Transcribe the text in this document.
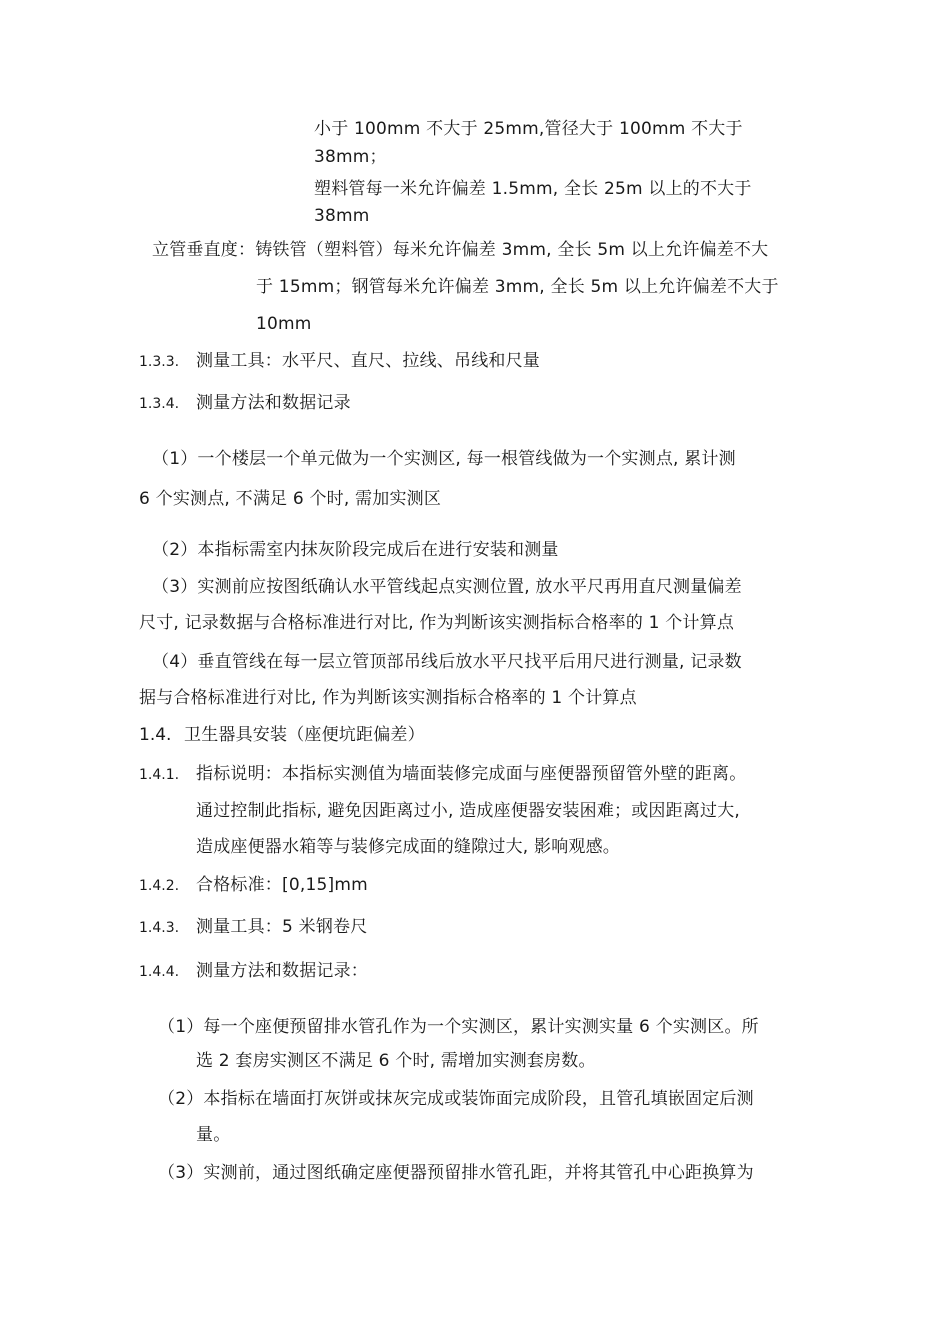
小于 100mm 不大于 25mm,管径大于 100mm 不大于
38mm；
塑料管每一米允许偏差 1.5mm, 全长 25m 以上的不大于
38mm
立管垂直度：铸铁管（塑料管）每米允许偏差 3mm, 全长 5m 以上允许偏差不大
于 15mm；钢管每米允许偏差 3mm, 全长 5m 以上允许偏差不大于
10mm
1.3.3. 测量工具：水平尺、直尺、拉线、吊线和尺量
1.3.4. 测量方法和数据记录
（1）一个楼层一个单元做为一个实测区, 每一根管线做为一个实测点, 累计测
6 个实测点, 不满足 6 个时, 需加实测区
（2）本指标需室内抹灰阶段完成后在进行安装和测量
（3）实测前应按图纸确认水平管线起点实测位置, 放水平尺再用直尺测量偏差
尺寸, 记录数据与合格标准进行对比, 作为判断该实测指标合格率的 1 个计算点
（4）垂直管线在每一层立管顶部吊线后放水平尺找平后用尺进行测量, 记录数
据与合格标准进行对比, 作为判断该实测指标合格率的 1 个计算点
1.4. 卫生器具安装（座便坑距偏差）
1.4.1. 指标说明：本指标实测值为墙面装修完成面与座便器预留管外壁的距离。
通过控制此指标, 避免因距离过小, 造成座便器安装困难；或因距离过大,
造成座便器水箱等与装修完成面的缝隙过大, 影响观感。
1.4.2. 合格标准：[0,15]mm
1.4.3. 测量工具：5 米钢卷尺
1.4.4. 测量方法和数据记录：
（1）每一个座便预留排水管孔作为一个实测区，累计实测实量 6 个实测区。所
选 2 套房实测区不满足 6 个时, 需增加实测套房数。
（2）本指标在墙面打灰饼或抹灰完成或装饰面完成阶段，且管孔填嵌固定后测
量。
（3）实测前，通过图纸确定座便器预留排水管孔距，并将其管孔中心距换算为
